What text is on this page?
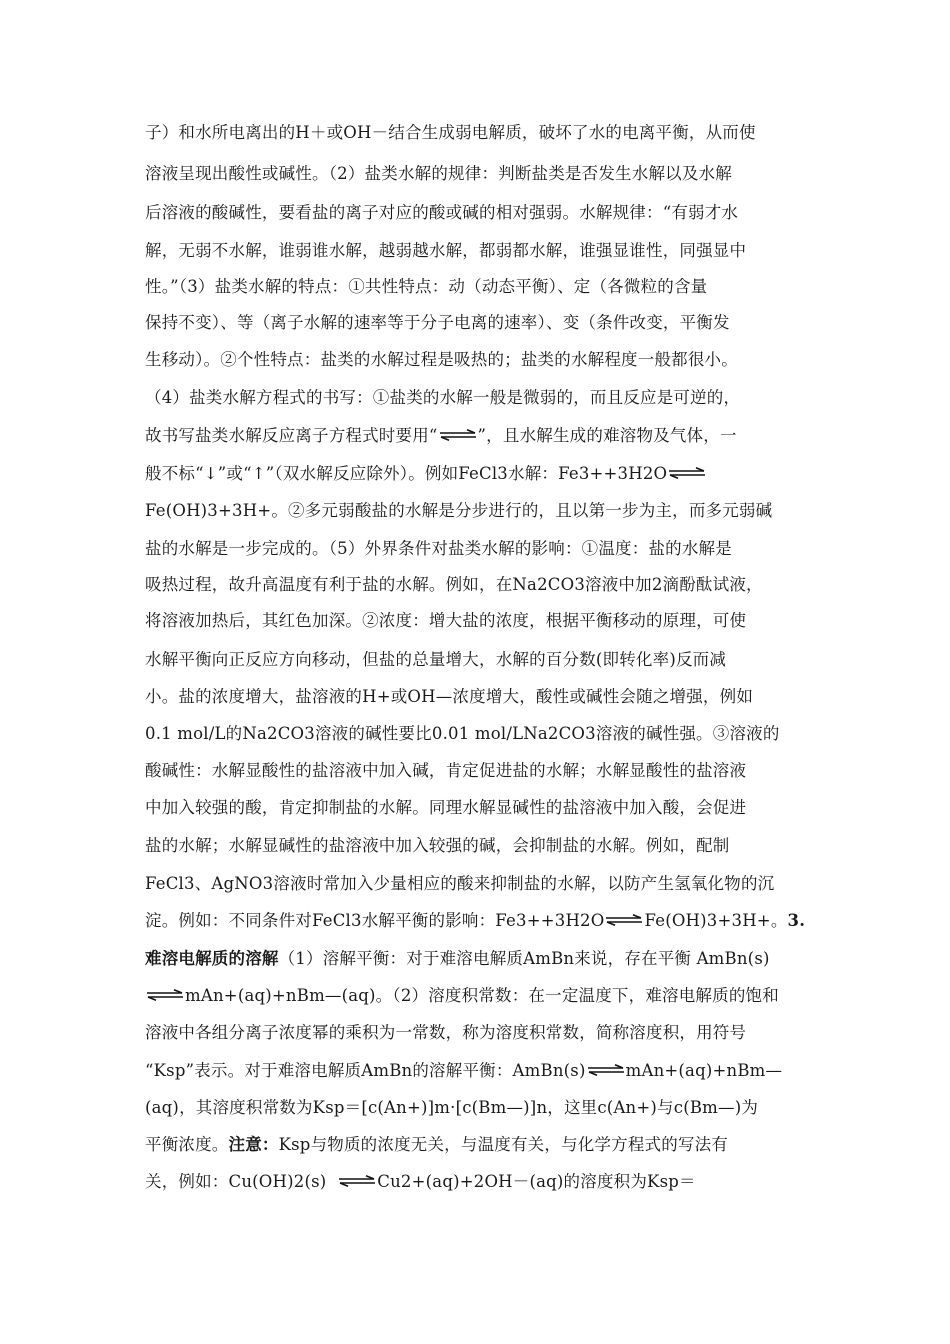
子）和水所电离出的H＋或OH－结合生成弱电解质，破坏了水的电离平衡，从而使
溶液呈现出酸性或碱性。（2）盐类水解的规律：判断盐类是否发生水解以及水解
后溶液的酸碱性，要看盐的离子对应的酸或碱的相对强弱。水解规律：“有弱才水
解，无弱不水解，谁弱谁水解，越弱越水解，都弱都水解，谁强显谁性，同强显中
性。”（3）盐类水解的特点：①共性特点：动（动态平衡）、定（各微粒的含量
保持不变）、等（离子水解的速率等于分子电离的速率）、变（条件改变，平衡发
生移动）。②个性特点：盐类的水解过程是吸热的；盐类的水解程度一般都很小。
（4）盐类水解方程式的书写：①盐类的水解一般是微弱的，而且反应是可逆的，
故书写盐类水解反应离子方程式时要用“⇌”，且水解生成的难溶物及气体，一
般不标“↓”或“↑”（双水解反应除外）。例如FeCl3水解：Fe3++3H2O⇌
Fe(OH)3+3H+。②多元弱酸盐的水解是分步进行的，且以第一步为主，而多元弱碱
盐的水解是一步完成的。（5）外界条件对盐类水解的影响：①温度：盐的水解是
吸热过程，故升高温度有利于盐的水解。例如，在Na2CO3溶液中加2滴酚酞试液，
将溶液加热后，其红色加深。②浓度：增大盐的浓度，根据平衡移动的原理，可使
水解平衡向正反应方向移动，但盐的总量增大，水解的百分数(即转化率)反而减
小。盐的浓度增大，盐溶液的H+或OH—浓度增大，酸性或碱性会随之增强，例如
0.1 mol/L的Na2CO3溶液的碱性要比0.01 mol/LNa2CO3溶液的碱性强。③溶液的
酸碱性：水解显酸性的盐溶液中加入碱，肯定促进盐的水解；水解显酸性的盐溶液
中加入较强的酸，肯定抑制盐的水解。同理水解显碱性的盐溶液中加入酸，会促进
盐的水解；水解显碱性的盐溶液中加入较强的碱，会抑制盐的水解。例如，配制
FeCl3、AgNO3溶液时常加入少量相应的酸来抑制盐的水解，以防产生氢氧化物的沉
淀。例如：不同条件对FeCl3水解平衡的影响：Fe3++3H2O⇌Fe(OH)3+3H+。3.
难溶电解质的溶解（1）溶解平衡：对于难溶电解质AmBn来说，存在平衡 AmBn(s)
⇌mAn+(aq)+nBm—(aq)。（2）溶度积常数：在一定温度下，难溶电解质的饱和
溶液中各组分离子浓度幂的乘积为一常数，称为溶度积常数，简称溶度积，用符号
“Ksp”表示。对于难溶电解质AmBn的溶解平衡：AmBn(s)⇌mAn+(aq)+nBm—
(aq)，其溶度积常数为Ksp＝[c(An+)]m·[c(Bm—)]n，这里c(An+)与c(Bm—)为
平衡浓度。注意：Ksp与物质的浓度无关，与温度有关，与化学方程式的写法有
关，例如：Cu(OH)2(s) ⇌Cu2+(aq)+2OH－(aq)的溶度积为Ksp＝
